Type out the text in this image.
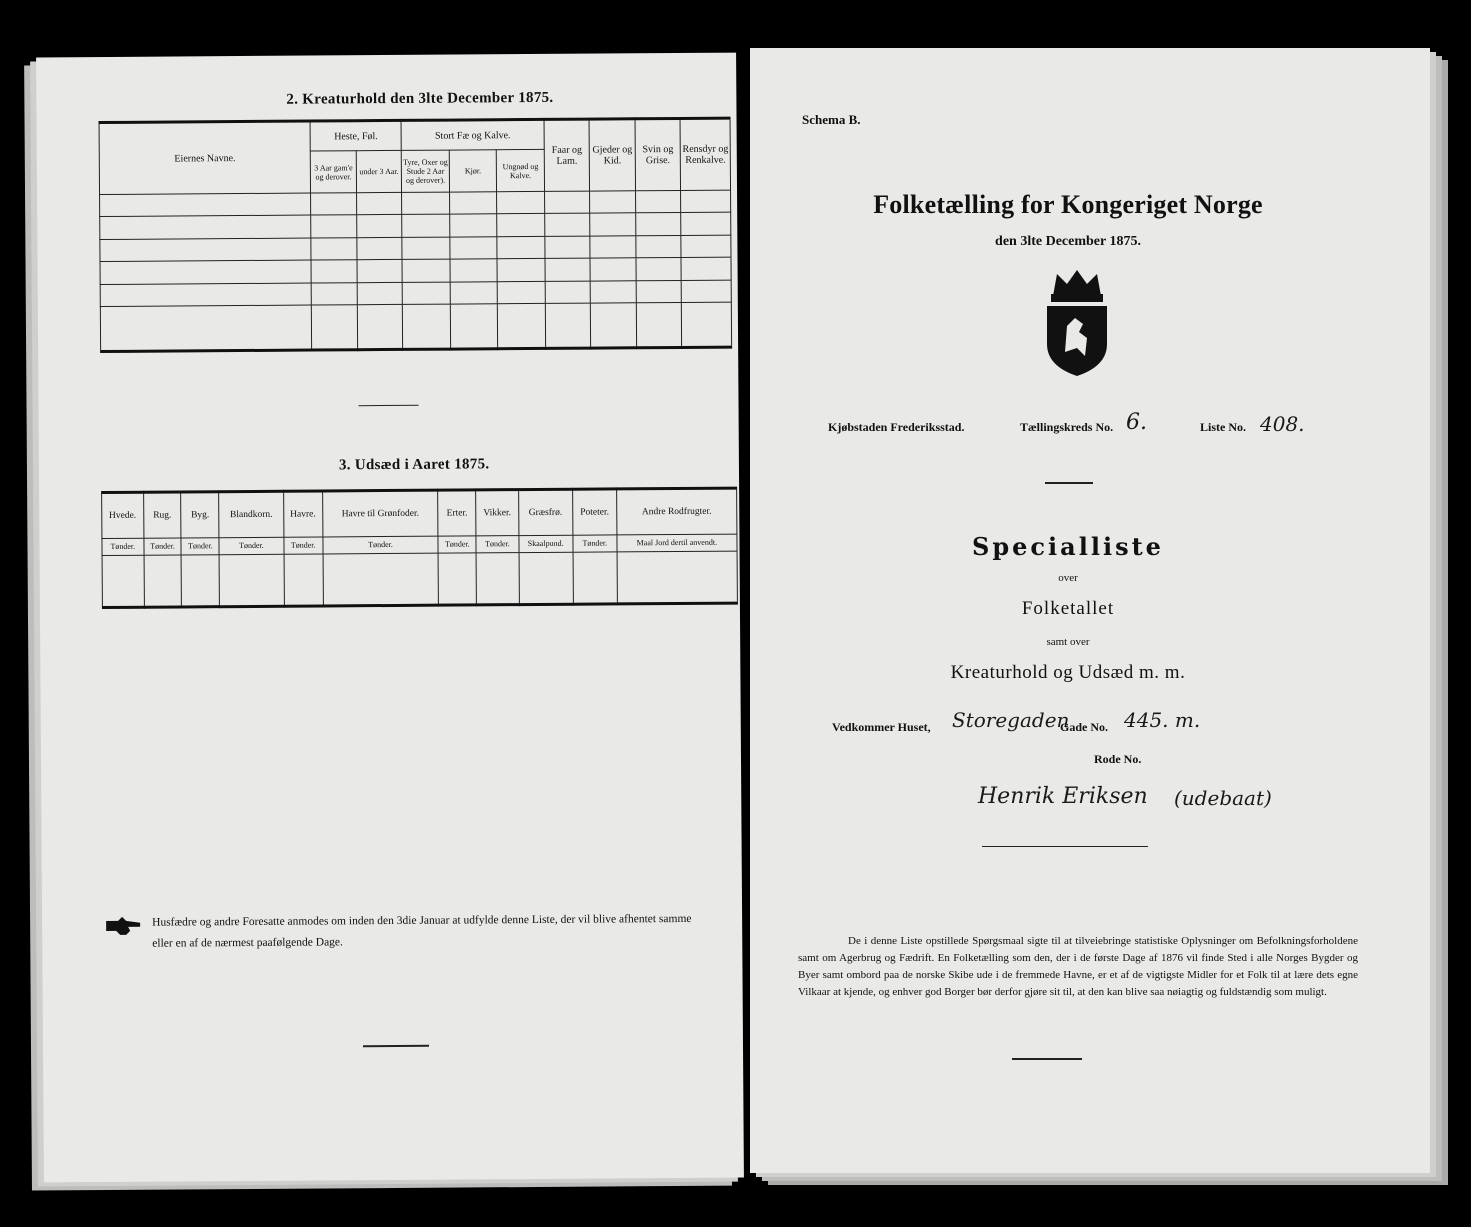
2. Kreaturhold den 3lte December 1875.
Eiernes Navne.	Heste, Føl.		Stort Fæ og Kalve.			Faar og Lam.	Gjeder og Kid.	Svin og Grise.	Rensdyr og Renkalve.
	3 Aar gam'e og derover.	under 3 Aar.	Tyre, Oxer og Stude 2 Aar og derover).	Kjør.	Ungnød og Kalve.				

3. Udsæd i Aaret 1875.
Hvede.	Rug.	Byg.	Blandkorn.	Havre.	Havre til Grønfoder.	Erter.	Vikker.	Græsfrø.	Poteter.	Andre Rodfrugter.
Tønder.	Tønder.	Tønder.	Tønder.	Tønder.	Tønder.	Tønder.	Tønder.	Skaalpund.	Tønder.	Maal Jord dertil anvendt.

Husfædre og andre Foresatte anmodes om inden den 3die Januar at udfylde denne Liste, der vil blive afhentet samme eller en af de nærmest paafølgende Dage.
Schema B.
Folketælling for Kongeriget Norge
den 3lte December 1875.
Kjøbstaden Frederiksstad.	Tællingskreds No. 6.	Liste No. 408.
Specialliste
over
Folketallet
samt over
Kreaturhold og Udsæd m. m.
Vedkommer Huset, Storegaden
Gade No. 445. m.
Rode No.
Henrik Eriksen (udebaat)
De i denne Liste opstillede Spørgsmaal sigte til at tilveiebringe statistiske Oplysninger om Befolkningsforholdene samt om Agerbrug og Fædrift. En Folketælling som den, der i de første Dage af 1876 vil finde Sted i alle Norges Bygder og Byer samt ombord paa de norske Skibe ude i de fremmede Havne, er et af de vigtigste Midler for et Folk til at lære dets egne Vilkaar at kjende, og enhver god Borger bør derfor gjøre sit til, at den kan blive saa nøiagtig og fuldstændig som muligt.
